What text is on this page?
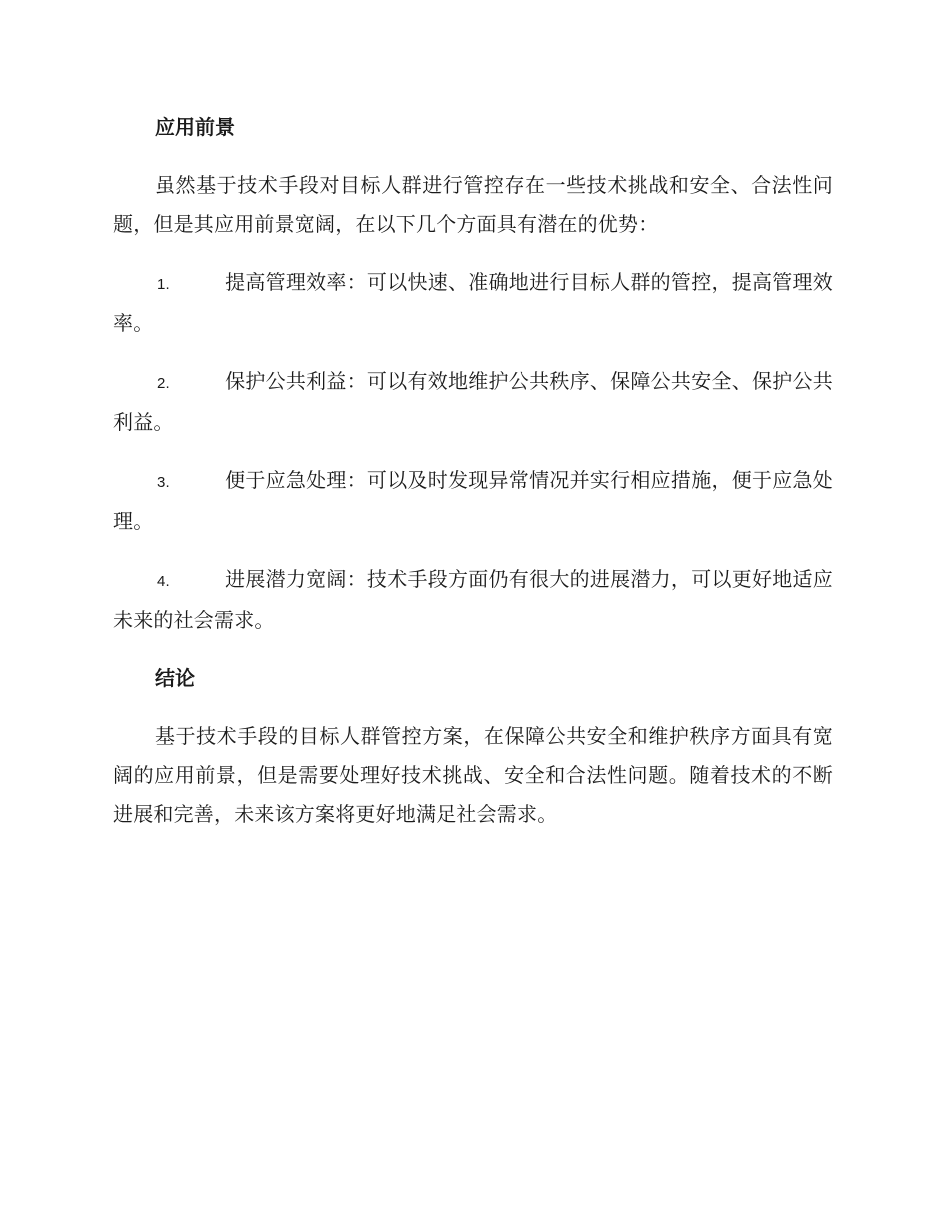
应用前景

虽然基于技术手段对目标人群进行管控存在一些技术挑战和安全、合法性问题，但是其应用前景宽阔，在以下几个方面具有潜在的优势：

1.	提高管理效率：可以快速、准确地进行目标人群的管控，提高管理效率。

2.	保护公共利益：可以有效地维护公共秩序、保障公共安全、保护公共利益。

3.	便于应急处理：可以及时发现异常情况并实行相应措施，便于应急处理。

4.	进展潜力宽阔：技术手段方面仍有很大的进展潜力，可以更好地适应未来的社会需求。

结论

基于技术手段的目标人群管控方案，在保障公共安全和维护秩序方面具有宽阔的应用前景，但是需要处理好技术挑战、安全和合法性问题。随着技术的不断进展和完善，未来该方案将更好地满足社会需求。
